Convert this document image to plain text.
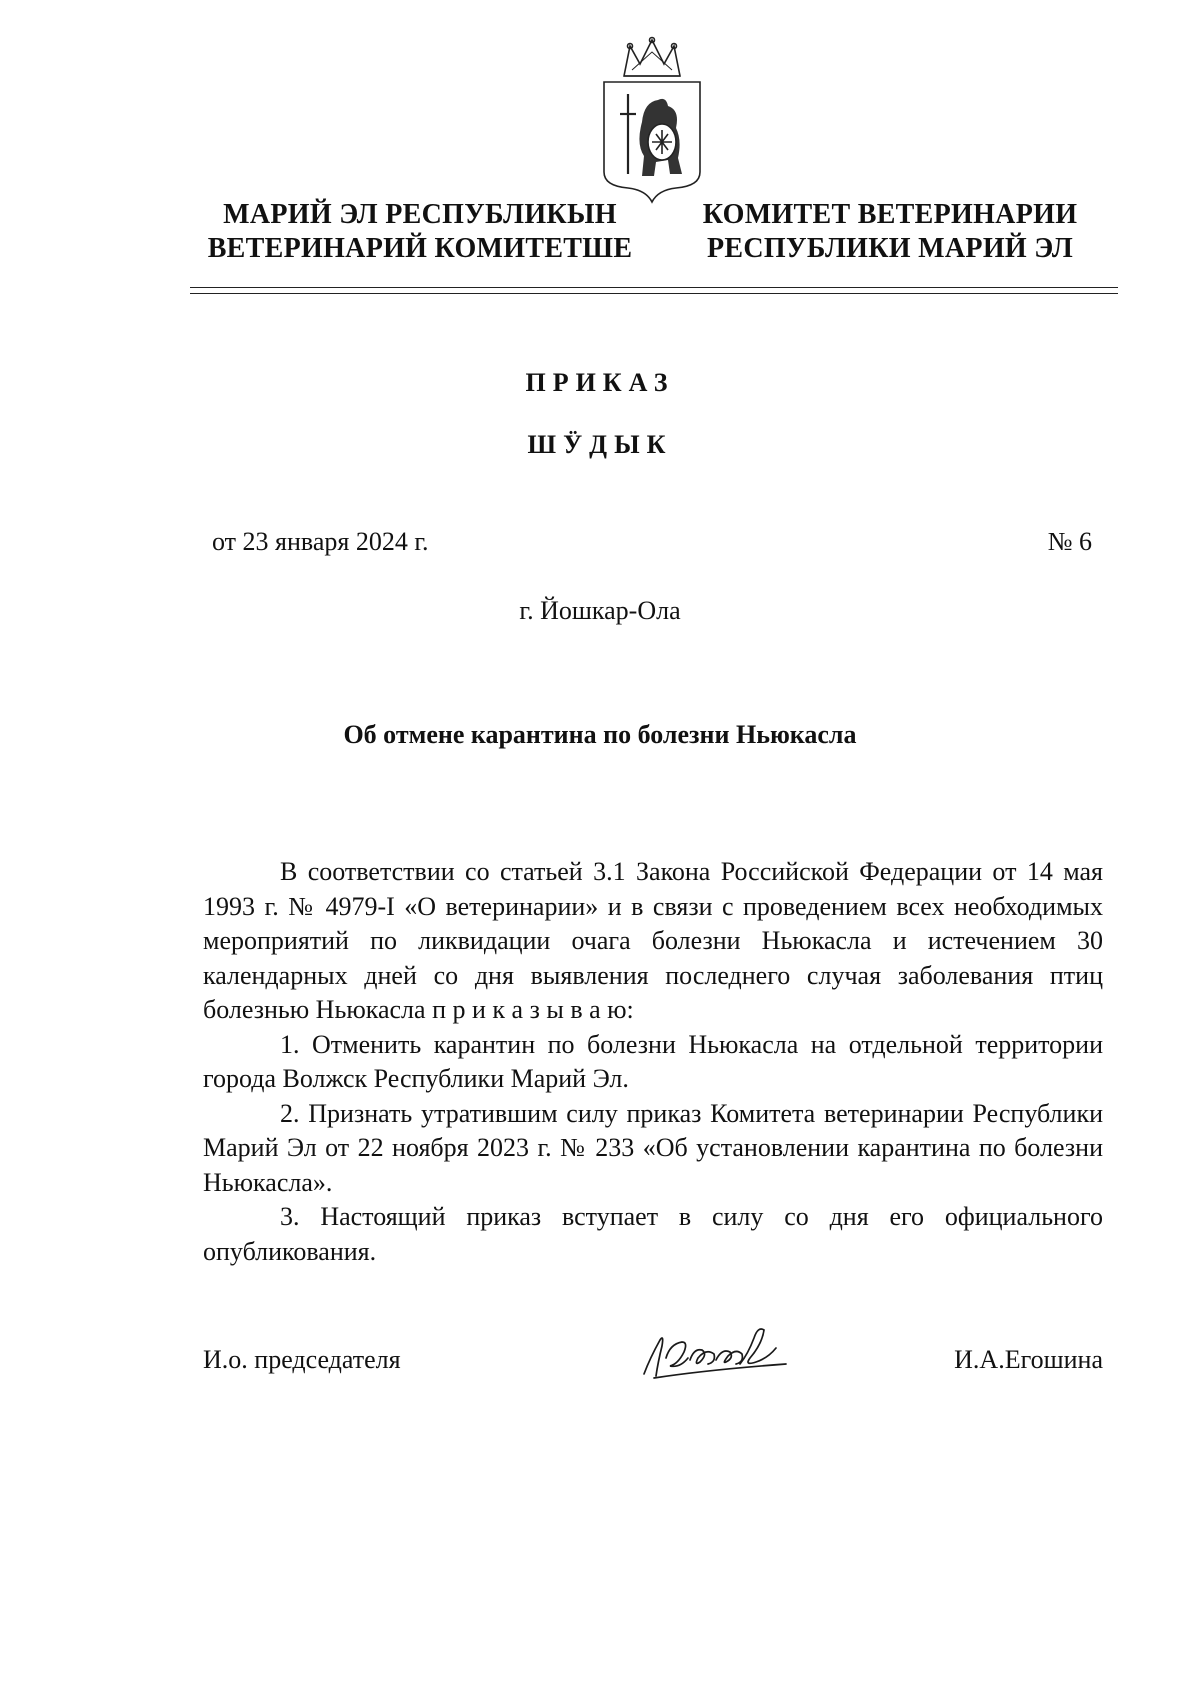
МАРИЙ ЭЛ РЕСПУБЛИКЫН
ВЕТЕРИНАРИЙ КОМИТЕТШЕ
КОМИТЕТ ВЕТЕРИНАРИИ
РЕСПУБЛИКИ МАРИЙ ЭЛ
ПРИКАЗ
ШӰДЫК
от 23 января 2024 г.	№ 6
г. Йошкар-Ола
Об отмене карантина по болезни Ньюкасла

В соответствии со статьей 3.1 Закона Российской Федерации от 14 мая 1993 г. № 4979-I «О ветеринарии» и в связи с проведением всех необходимых мероприятий по ликвидации очага болезни Ньюкасла и истечением 30 календарных дней со дня выявления последнего случая заболевания птиц болезнью Ньюкасла п р и к а з ы в а ю:

1. Отменить карантин по болезни Ньюкасла на отдельной территории города Волжск Республики Марий Эл.

2. Признать утратившим силу приказ Комитета ветеринарии Республики Марий Эл от 22 ноября 2023 г. № 233 «Об установлении карантина по болезни Ньюкасла».

3. Настоящий приказ вступает в силу со дня его официального опубликования.

И.о. председателя	И.А.Егошина
